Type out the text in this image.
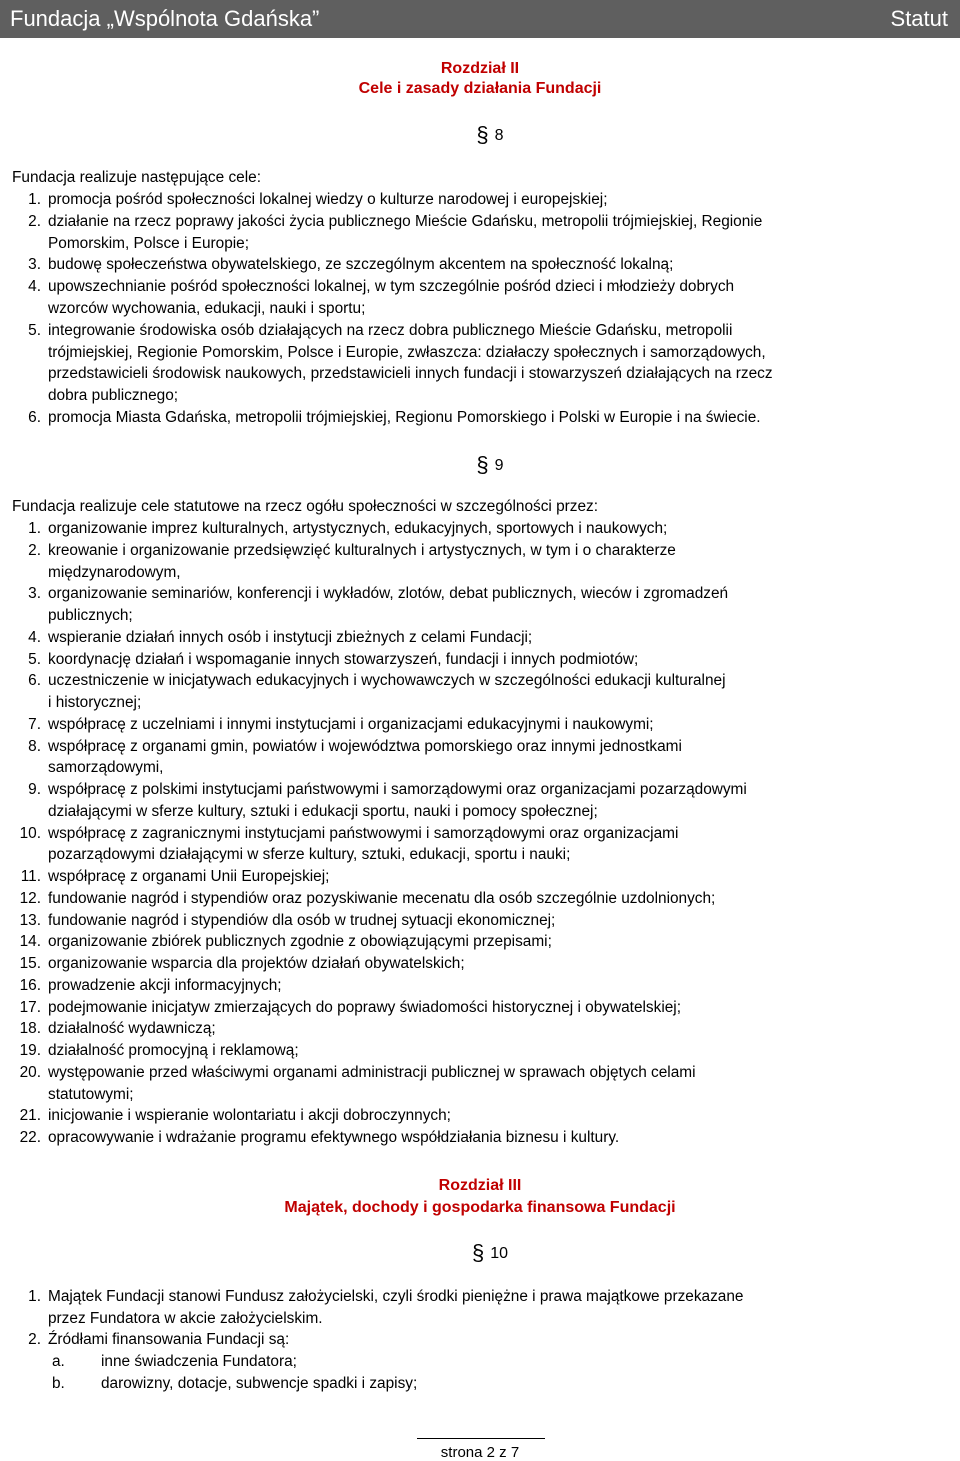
Fundacja „Wspólnota Gdańska”	Statut
Rozdział II
Cele i zasady działania Fundacji
§ 8
Fundacja realizuje następujące cele:
1. promocja pośród społeczności lokalnej wiedzy o kulturze narodowej i europejskiej;
2. działanie na rzecz poprawy jakości życia publicznego Mieście Gdańsku, metropolii trójmiejskiej, Regionie
Pomorskim, Polsce i Europie;
3. budowę społeczeństwa obywatelskiego, ze szczególnym akcentem na społeczność lokalną;
4. upowszechnianie pośród społeczności lokalnej, w tym szczególnie pośród dzieci i młodzieży dobrych
wzorców wychowania, edukacji, nauki i sportu;
5. integrowanie środowiska osób działających na rzecz dobra publicznego Mieście Gdańsku, metropolii
trójmiejskiej, Regionie Pomorskim, Polsce i Europie, zwłaszcza: działaczy społecznych i samorządowych,
przedstawicieli środowisk naukowych, przedstawicieli innych fundacji i stowarzyszeń działających na rzecz
dobra publicznego;
6. promocja Miasta Gdańska, metropolii trójmiejskiej, Regionu Pomorskiego i Polski w Europie i na świecie.
§ 9
Fundacja realizuje cele statutowe na rzecz ogółu społeczności w szczególności przez:
1. organizowanie imprez kulturalnych, artystycznych, edukacyjnych, sportowych i naukowych;
2. kreowanie i organizowanie przedsięwzięć kulturalnych i artystycznych, w tym i o charakterze
międzynarodowym,
3. organizowanie seminariów, konferencji i wykładów, zlotów, debat publicznych, wieców i zgromadzeń
publicznych;
4. wspieranie działań innych osób i instytucji zbieżnych z celami Fundacji;
5. koordynację działań i wspomaganie innych stowarzyszeń, fundacji i innych podmiotów;
6. uczestniczenie w inicjatywach edukacyjnych i wychowawczych w szczególności edukacji kulturalnej
i historycznej;
7. współpracę z uczelniami i innymi instytucjami i organizacjami edukacyjnymi i naukowymi;
8. współpracę z organami gmin, powiatów i województwa pomorskiego oraz innymi jednostkami
samorządowymi,
9. współpracę z polskimi instytucjami państwowymi i samorządowymi oraz organizacjami pozarządowymi
działającymi w sferze kultury, sztuki i edukacji sportu, nauki i pomocy społecznej;
10. współpracę z zagranicznymi instytucjami państwowymi i samorządowymi oraz organizacjami
pozarządowymi działającymi w sferze kultury, sztuki, edukacji, sportu i nauki;
11. współpracę z organami Unii Europejskiej;
12. fundowanie nagród i stypendiów oraz pozyskiwanie mecenatu dla osób szczególnie uzdolnionych;
13. fundowanie nagród i stypendiów dla osób w trudnej sytuacji ekonomicznej;
14. organizowanie zbiórek publicznych zgodnie z obowiązującymi przepisami;
15. organizowanie wsparcia dla projektów działań obywatelskich;
16. prowadzenie akcji informacyjnych;
17. podejmowanie inicjatyw zmierzających do poprawy świadomości historycznej i obywatelskiej;
18. działalność wydawniczą;
19. działalność promocyjną i reklamową;
20. występowanie przed właściwymi organami administracji publicznej w sprawach objętych celami
statutowymi;
21. inicjowanie i wspieranie wolontariatu i akcji dobroczynnych;
22. opracowywanie i wdrażanie programu efektywnego współdziałania biznesu i kultury.
Rozdział III
Majątek, dochody i gospodarka finansowa Fundacji
§ 10
1. Majątek Fundacji stanowi Fundusz założycielski, czyli środki pieniężne i prawa majątkowe przekazane
przez Fundatora w akcie założycielskim.
2. Źródłami finansowania Fundacji są:
a. inne świadczenia Fundatora;
b. darowizny, dotacje, subwencje spadki i zapisy;
strona 2 z 7
